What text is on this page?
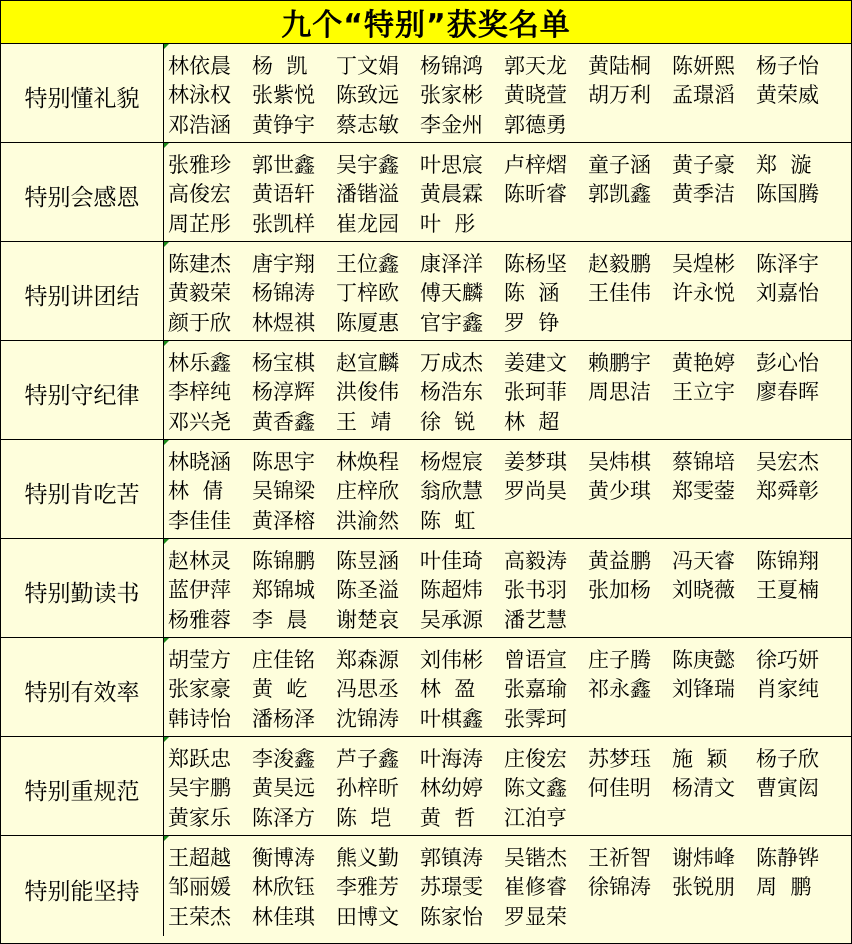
九个“特别”获奖名单
特别懂礼貌
林依晨	杨  凯	丁文娟	杨锦鸿	郭天龙	黄陆桐	陈妍熙	杨子怡
林泳权	张紫悦	陈致远	张家彬	黄晓萱	胡万利	孟璟滔	黄荣威
邓浩涵	黄铮宇	蔡志敏	李金州	郭德勇
特别会感恩
张雅珍	郭世鑫	吴宇鑫	叶思宸	卢梓熠	童子涵	黄子豪	郑  漩
高俊宏	黄语轩	潘锴溢	黄晨霖	陈昕睿	郭凯鑫	黄季洁	陈国腾
周芷彤	张凯样	崔龙园	叶  彤
特别讲团结
陈建杰	唐宇翔	王位鑫	康泽洋	陈杨坚	赵毅鹏	吴煌彬	陈泽宇
黄毅荣	杨锦涛	丁梓欧	傅天麟	陈  涵	王佳伟	许永悦	刘嘉怡
颜于欣	林煜祺	陈厦惠	官宇鑫	罗  铮
特别守纪律
林乐鑫	杨宝棋	赵宣麟	万成杰	姜建文	赖鹏宇	黄艳婷	彭心怡
李梓纯	杨淳辉	洪俊伟	杨浩东	张珂菲	周思洁	王立宇	廖春晖
邓兴尧	黄香鑫	王  靖	徐  锐	林  超
特别肯吃苦
林晓涵	陈思宇	林焕程	杨煜宸	姜梦琪	吴炜棋	蔡锦培	吴宏杰
林  倩	吴锦梁	庄梓欣	翁欣慧	罗尚昊	黄少琪	郑雯蓥	郑舜彰
李佳佳	黄泽榕	洪渝然	陈  虹
特别勤读书
赵林灵	陈锦鹏	陈昱涵	叶佳琦	高毅涛	黄益鹏	冯天睿	陈锦翔
蓝伊萍	郑锦城	陈圣溢	陈超炜	张书羽	张加杨	刘晓薇	王夏楠
杨雅蓉	李  晨	谢楚哀	吴承源	潘艺慧
特别有效率
胡莹方	庄佳铭	郑森源	刘伟彬	曾语宣	庄子腾	陈庚懿	徐巧妍
张家豪	黄  屹	冯思丞	林  盈	张嘉瑜	祁永鑫	刘锋瑞	肖家纯
韩诗怡	潘杨泽	沈锦涛	叶棋鑫	张霁珂
特别重规范
郑跃忠	李浚鑫	芦子鑫	叶海涛	庄俊宏	苏梦珏	施  颖	杨子欣
吴宇鹏	黄昊远	孙梓昕	林幼婷	陈文鑫	何佳明	杨清文	曹寅闳
黄家乐	陈泽方	陈  垲	黄  哲	江泊亨
特别能坚持
王超越	衡博涛	熊义勤	郭镇涛	吴锴杰	王祈智	谢炜峰	陈静铧
邹丽媛	林欣钰	李雅芳	苏璟雯	崔修睿	徐锦涛	张锐朋	周  鹏
王荣杰	林佳琪	田博文	陈家怡	罗显荣
